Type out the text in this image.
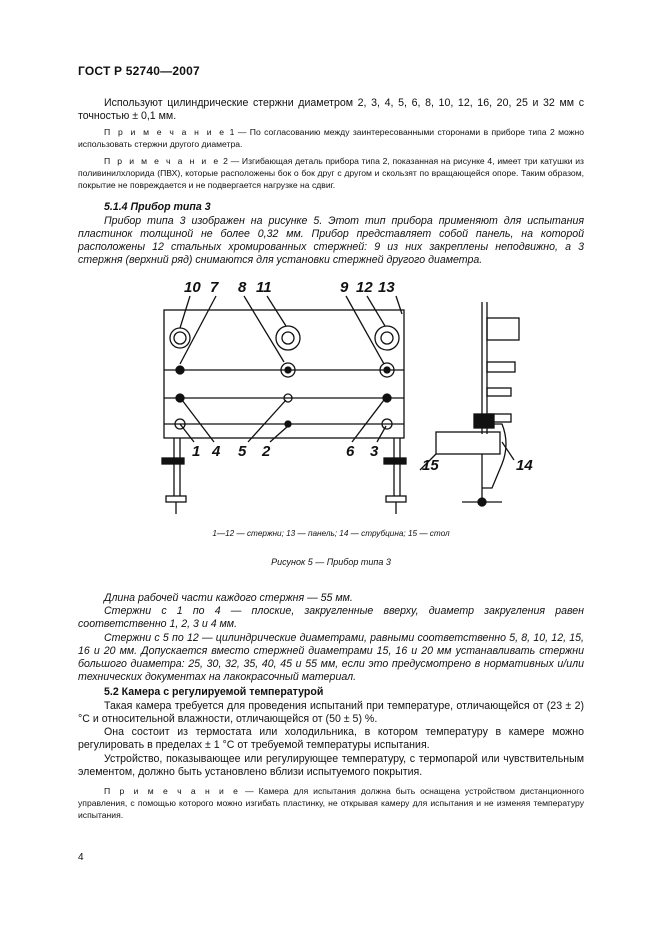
ГОСТ Р 52740—2007
Используют цилиндрические стержни диаметром 2, 3, 4, 5, 6, 8, 10, 12, 16, 20, 25 и 32 мм с точностью ± 0,1 мм.
П р и м е ч а н и е 1 — По согласованию между заинтересованными сторонами в приборе типа 2 можно использовать стержни другого диаметра.
П р и м е ч а н и е 2 — Изгибающая деталь прибора типа 2, показанная на рисунке 4, имеет три катушки из поливинилхлорида (ПВХ), которые расположены бок о бок друг с другом и скользят по вращающейся опоре. Таким образом, покрытие не повреждается и не подвергается нагрузке на сдвиг.
5.1.4 Прибор типа 3
Прибор типа 3 изображен на рисунке 5. Этот тип прибора применяют для испытания пластинок толщиной не более 0,32 мм. Прибор представляет собой панель, на которой расположены 12 стальных хромированных стержней: 9 из них закреплены неподвижно, а 3 стержня (верхний ряд) снимаются для установки стержней другого диаметра.
10 7 8 11	9 12 13
1 4 5 2	6 3
15	14
1—12 — стержни; 13 — панель; 14 — струбцина; 15 — стол
Рисунок 5 — Прибор типа 3
Длина рабочей части каждого стержня — 55 мм.
Стержни с 1 по 4 — плоские, закругленные вверху, диаметр закругления равен соответственно 1, 2, 3 и 4 мм.
Стержни с 5 по 12 — цилиндрические диаметрами, равными соответственно 5, 8, 10, 12, 15, 16 и 20 мм. Допускается вместо стержней диаметрами 15, 16 и 20 мм устанавливать стержни большого диаметра: 25, 30, 32, 35, 40, 45 и 55 мм, если это предусмотрено в нормативных и/или технических документах на лакокрасочный материал.
5.2 Камера с регулируемой температурой
Такая камера требуется для проведения испытаний при температуре, отличающейся от (23 ± 2) °С и относительной влажности, отличающейся от (50 ± 5) %.
Она состоит из термостата или холодильника, в котором температуру в камере можно регулировать в пределах ± 1 °С от требуемой температуры испытания.
Устройство, показывающее или регулирующее температуру, с термопарой или чувствительным элементом, должно быть установлено вблизи испытуемого покрытия.
П р и м е ч а н и е — Камера для испытания должна быть оснащена устройством дистанционного управления, с помощью которого можно изгибать пластинку, не открывая камеру для испытания и не изменяя температуру испытания.
4
